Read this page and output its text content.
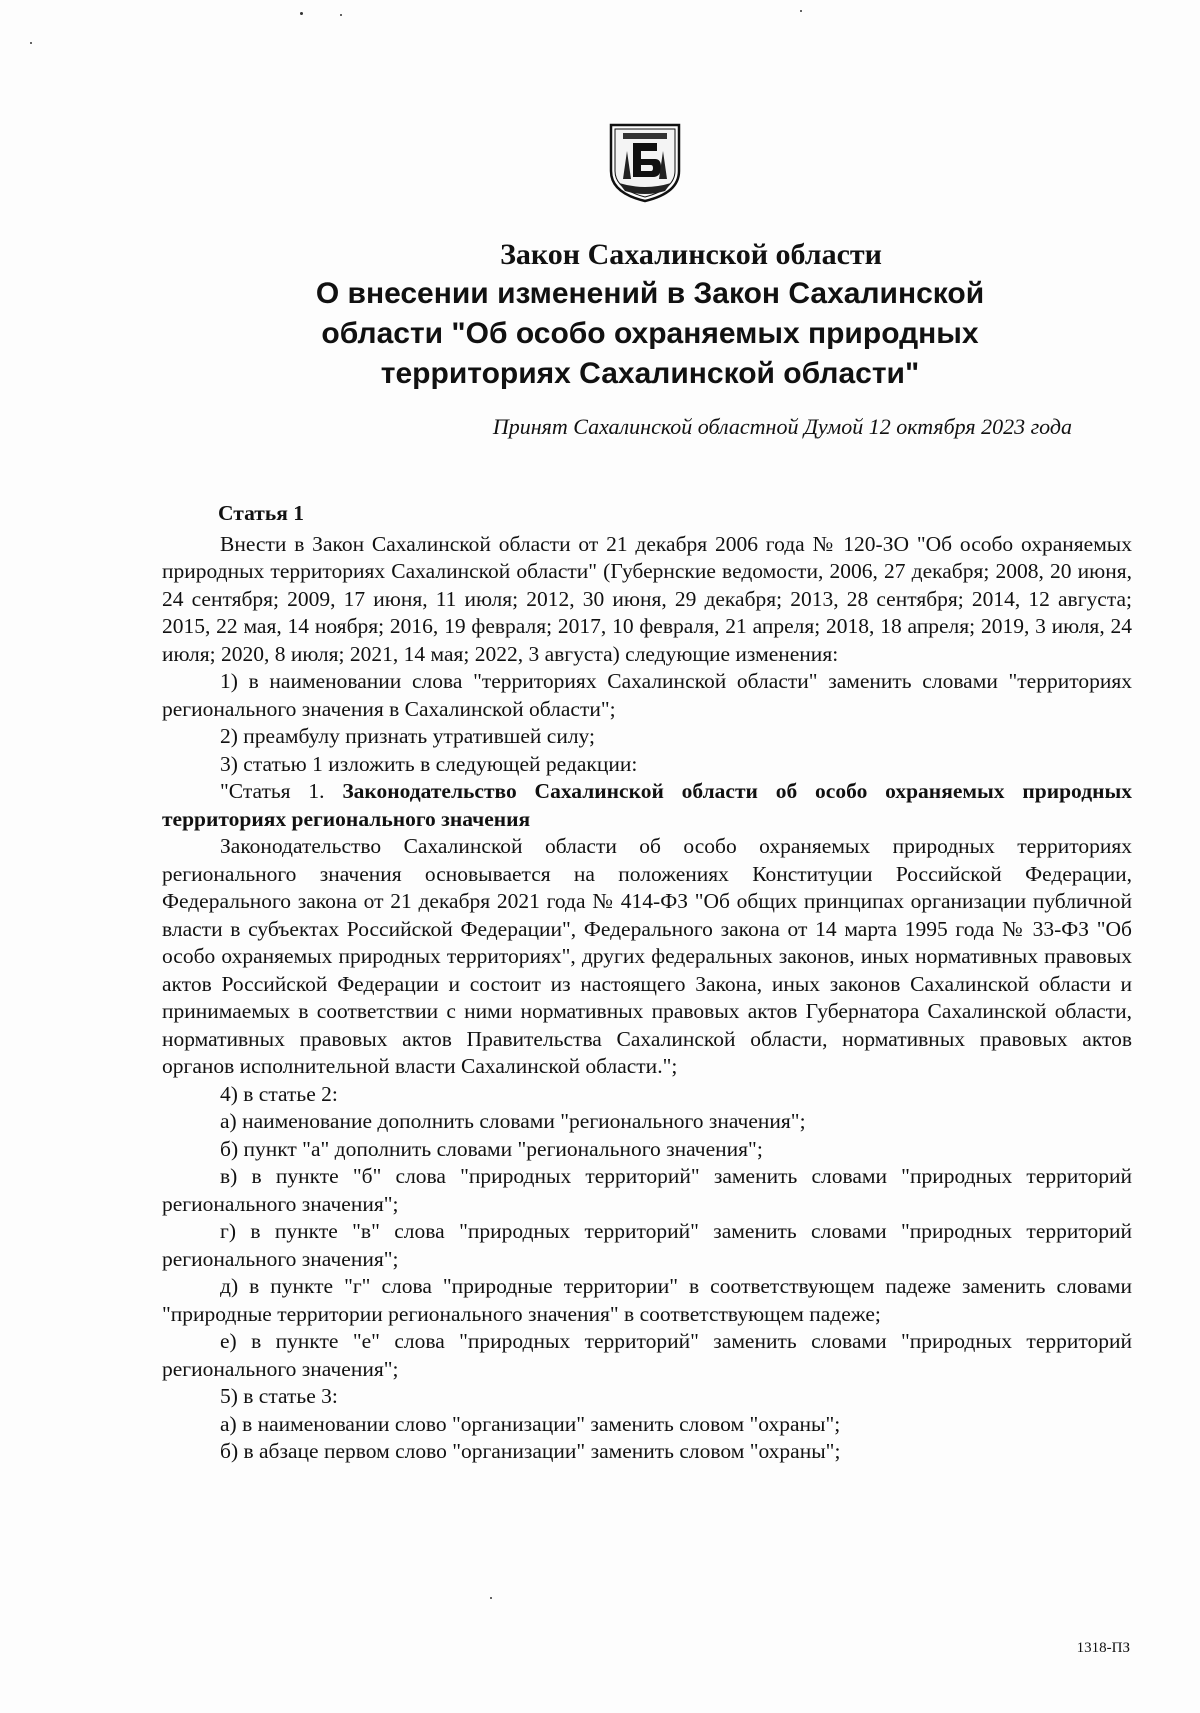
Закон Сахалинской области
О внесении изменений в Закон Сахалинской
области "Об особо охраняемых природных
территориях Сахалинской области"
Принят Сахалинской областной Думой 12 октября 2023 года
Статья 1

Внести в Закон Сахалинской области от 21 декабря 2006 года № 120-ЗО "Об особо охраняемых природных территориях Сахалинской области" (Губернские ведомости, 2006, 27 декабря; 2008, 20 июня, 24 сентября; 2009, 17 июня, 11 июля; 2012, 30 июня, 29 декабря; 2013, 28 сентября; 2014, 12 августа; 2015, 22 мая, 14 ноября; 2016, 19 февраля; 2017, 10 февраля, 21 апреля; 2018, 18 апреля; 2019, 3 июля, 24 июля; 2020, 8 июля; 2021, 14 мая; 2022, 3 августа) следующие изменения:

1) в наименовании слова "территориях Сахалинской области" заменить словами "территориях регионального значения в Сахалинской области";

2) преамбулу признать утратившей силу;

3) статью 1 изложить в следующей редакции:

"Статья 1. Законодательство Сахалинской области об особо охраняемых природных территориях регионального значения

Законодательство Сахалинской области об особо охраняемых природных территориях регионального значения основывается на положениях Конституции Российской Федерации, Федерального закона от 21 декабря 2021 года № 414-ФЗ "Об общих принципах организации публичной власти в субъектах Российской Федерации", Федерального закона от 14 марта 1995 года № 33-ФЗ "Об особо охраняемых природных территориях", других федеральных законов, иных нормативных правовых актов Российской Федерации и состоит из настоящего Закона, иных законов Сахалинской области и принимаемых в соответствии с ними нормативных правовых актов Губернатора Сахалинской области, нормативных правовых актов Правительства Сахалинской области, нормативных правовых актов органов исполнительной власти Сахалинской области.";

4) в статье 2:

а) наименование дополнить словами "регионального значения";

б) пункт "а" дополнить словами "регионального значения";

в) в пункте "б" слова "природных территорий" заменить словами "природных территорий регионального значения";

г) в пункте "в" слова "природных территорий" заменить словами "природных территорий регионального значения";

д) в пункте "г" слова "природные территории" в соответствующем падеже заменить словами "природные территории регионального значения" в соответствующем падеже;

е) в пункте "е" слова "природных территорий" заменить словами "природных территорий регионального значения";

5) в статье 3:

а) в наименовании слово "организации" заменить словом "охраны";

б) в абзаце первом слово "организации" заменить словом "охраны";

1318-ПЗ
